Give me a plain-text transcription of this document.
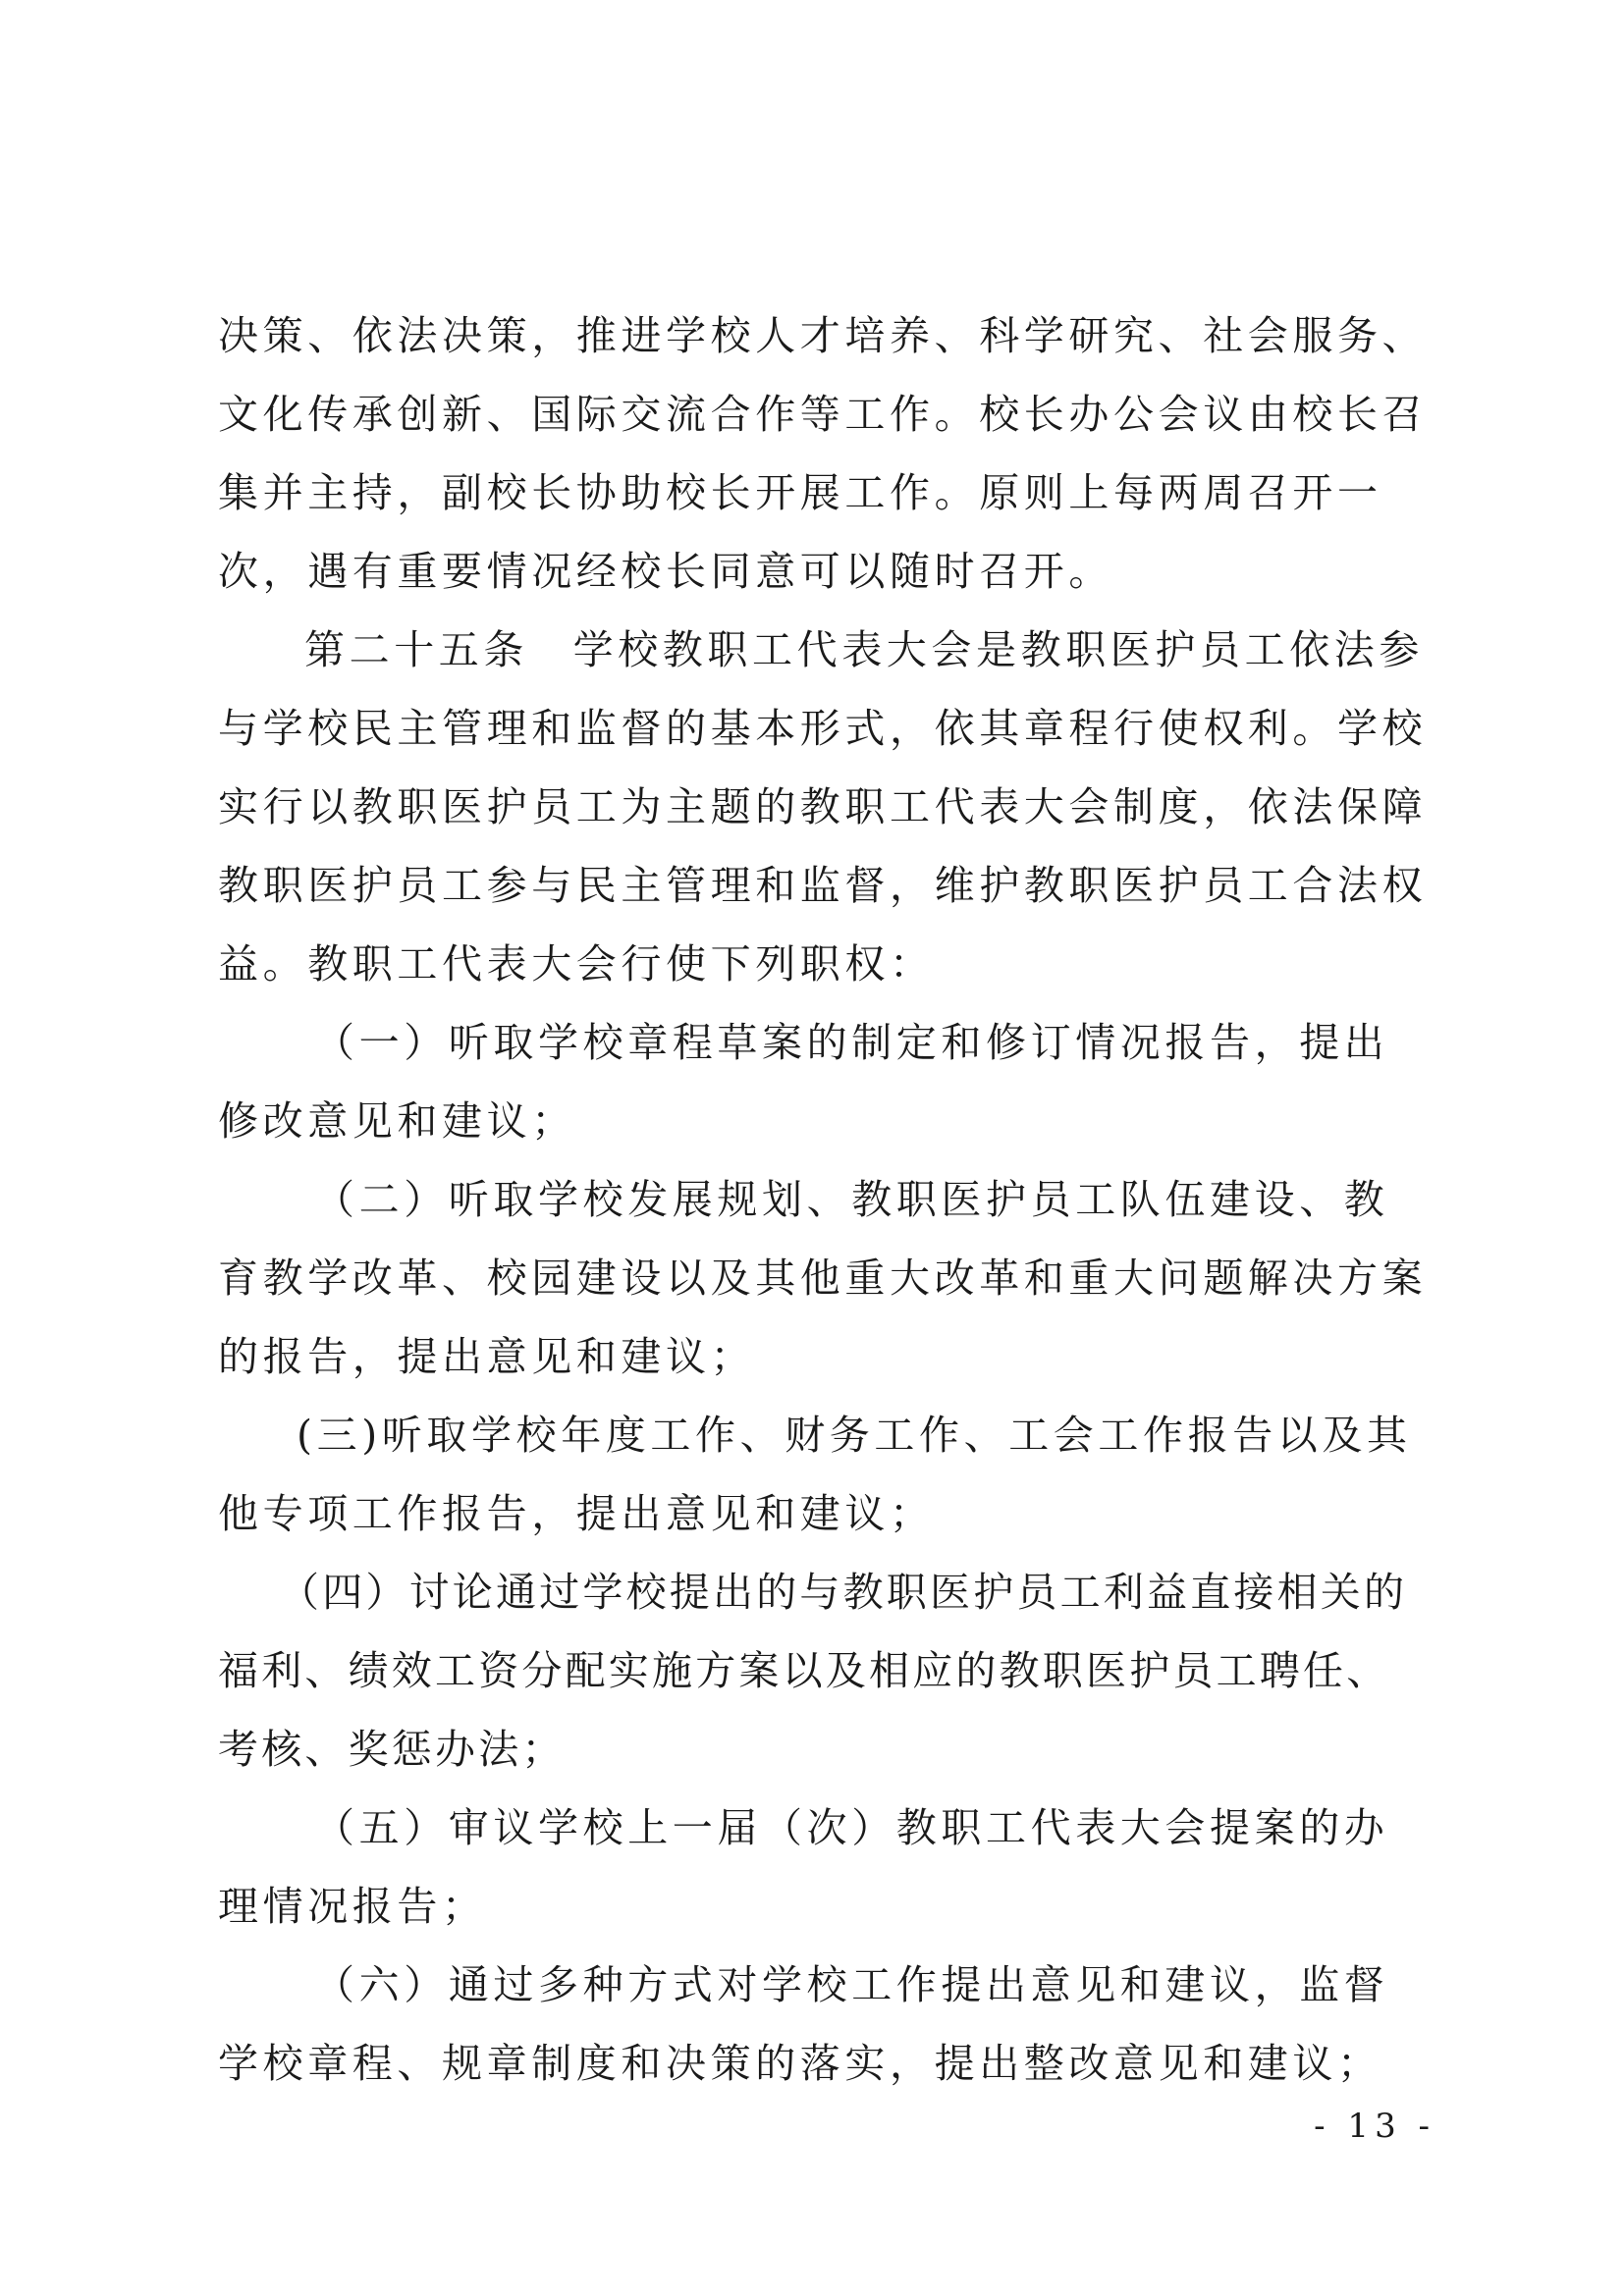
决策、依法决策，推进学校人才培养、科学研究、社会服务、文化传承创新、国际交流合作等工作。校长办公会议由校长召集并主持，副校长协助校长开展工作。原则上每两周召开一次，遇有重要情况经校长同意可以随时召开。

第二十五条　学校教职工代表大会是教职医护员工依法参与学校民主管理和监督的基本形式，依其章程行使权利。学校实行以教职医护员工为主题的教职工代表大会制度，依法保障教职医护员工参与民主管理和监督，维护教职医护员工合法权益。教职工代表大会行使下列职权：

（一）听取学校章程草案的制定和修订情况报告，提出修改意见和建议；

（二）听取学校发展规划、教职医护员工队伍建设、教育教学改革、校园建设以及其他重大改革和重大问题解决方案的报告，提出意见和建议；

(三)听取学校年度工作、财务工作、工会工作报告以及其他专项工作报告，提出意见和建议；

（四）讨论通过学校提出的与教职医护员工利益直接相关的福利、绩效工资分配实施方案以及相应的教职医护员工聘任、考核、奖惩办法；

（五）审议学校上一届（次）教职工代表大会提案的办理情况报告；

（六）通过多种方式对学校工作提出意见和建议，监督学校章程、规章制度和决策的落实，提出整改意见和建议；

- 13 -
